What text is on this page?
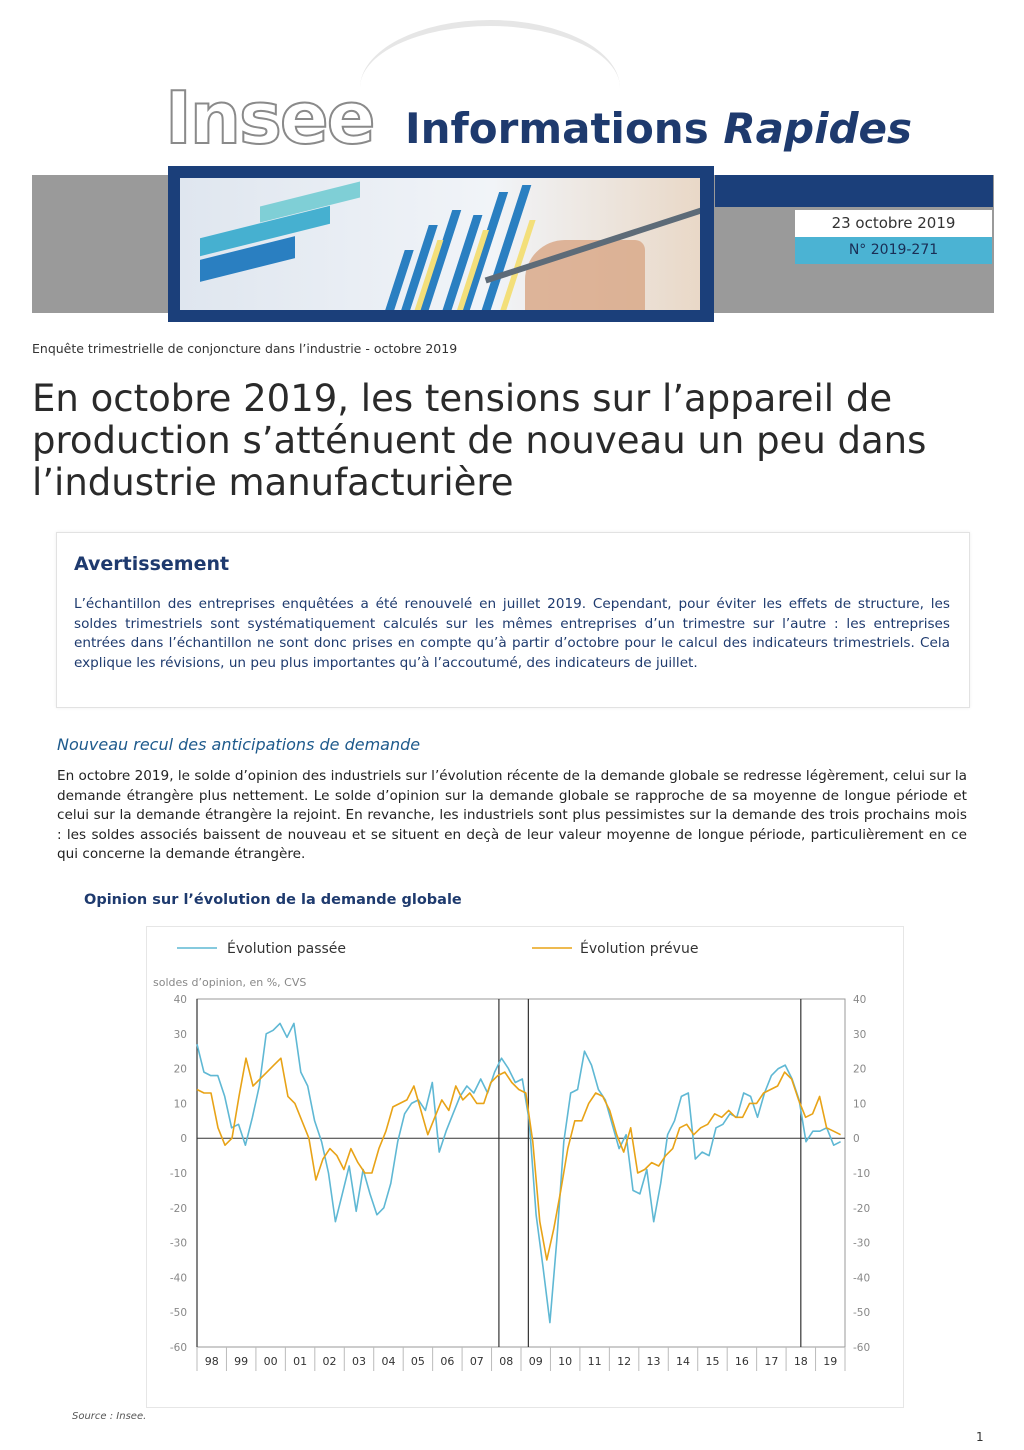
Insee Informations Rapides
23 octobre 2019
N° 2019-271
Enquête trimestrielle de conjoncture dans l’industrie - octobre 2019
En octobre 2019, les tensions sur l’appareil de production s’atténuent de nouveau un peu dans l’industrie manufacturière
Avertissement
L’échantillon des entreprises enquêtées a été renouvelé en juillet 2019. Cependant, pour éviter les effets de structure, les soldes trimestriels sont systématiquement calculés sur les mêmes entreprises d’un trimestre sur l’autre : les entreprises entrées dans l’échantillon ne sont donc prises en compte qu’à partir d’octobre pour le calcul des indicateurs trimestriels. Cela explique les révisions, un peu plus importantes qu’à l’accoutumé, des indicateurs de juillet.
Nouveau recul des anticipations de demande
En octobre 2019, le solde d’opinion des industriels sur l’évolution récente de la demande globale se redresse légèrement, celui sur la demande étrangère plus nettement. Le solde d’opinion sur la demande globale se rapproche de sa moyenne de longue période et celui sur la demande étrangère la rejoint. En revanche, les industriels sont plus pessimistes sur la demande des trois prochains mois : les soldes associés baissent de nouveau et se situent en deçà de leur valeur moyenne de longue période, particulièrement en ce qui concerne la demande étrangère.
Opinion sur l’évolution de la demande globale
Évolution passée	Évolution prévue
soldes d’opinion, en %, CVS
40	40
30	30
20	20
10	10
0	0
-10	-10
-20	-20
-30	-30
-40	-40
-50	-50
-60	-60
98 99 00 01 02 03 04 05 06 07 08 09 10 11 12 13 14 15 16 17 18 19
Source : Insee.
1
